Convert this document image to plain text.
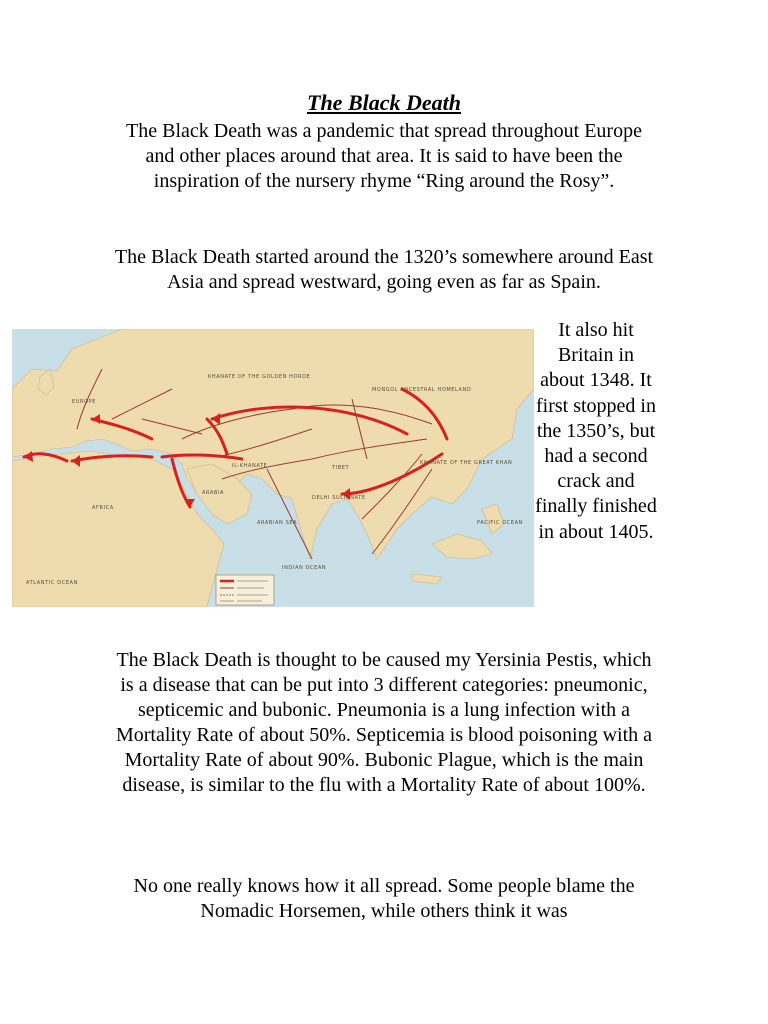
The Black Death

The Black Death was a pandemic that spread throughout Europe and other places around that area. It is said to have been the inspiration of the nursery rhyme “Ring around the Rosy”.

The Black Death started around the 1320’s somewhere around East Asia and spread westward, going even as far as Spain.

KHANATE OF THE GOLDEN HORDE
MONGOL ANCESTRAL HOMELAND
IL-KHANATE	KHANATE OF THE GREAT KHAN
TIBET
DELHI SULTANATE
ARABIA
AFRICA
EUROPE
ARABIAN SEA
INDIAN OCEAN
PACIFIC OCEAN
ATLANTIC OCEAN

It also hit Britain in about 1348. It first stopped in the 1350’s, but had a second crack and finally finished in about 1405.

The Black Death is thought to be caused my Yersinia Pestis, which is a disease that can be put into 3 different categories: pneumonic, septicemic and bubonic. Pneumonia is a lung infection with a Mortality Rate of about 50%. Septicemia is blood poisoning with a Mortality Rate of about 90%. Bubonic Plague, which is the main disease, is similar to the flu with a Mortality Rate of about 100%.

No one really knows how it all spread. Some people blame the Nomadic Horsemen, while others think it was
